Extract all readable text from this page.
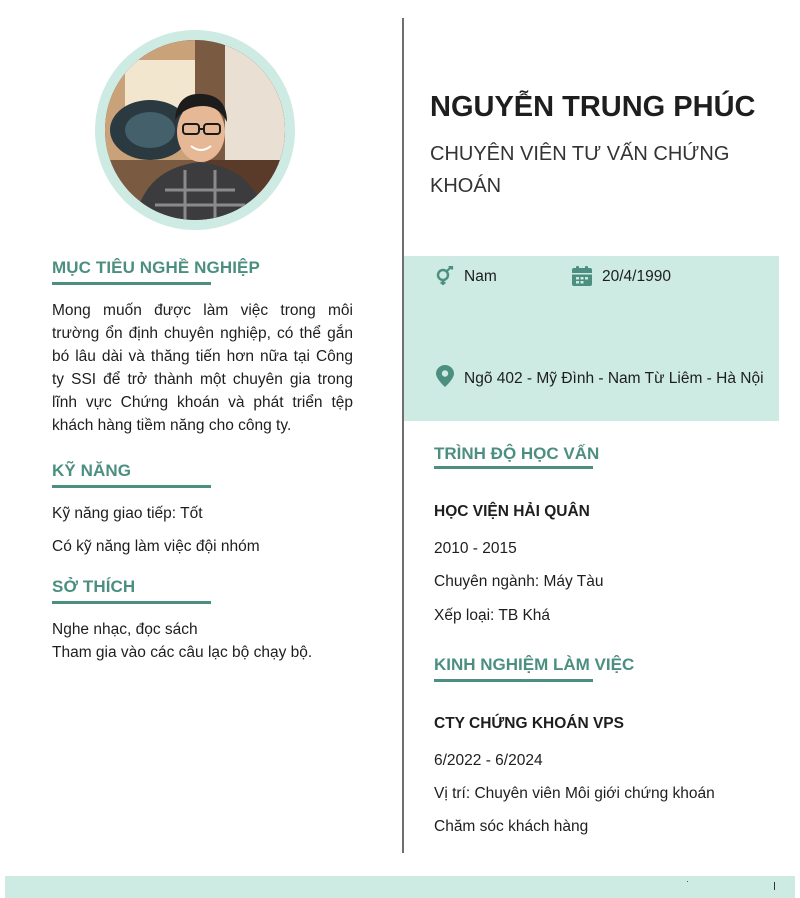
MỤC TIÊU NGHỀ NGHIỆP

Mong muốn được làm việc trong môi trường ổn định chuyên nghiệp, có thể gắn bó lâu dài và thăng tiến hơn nữa tại Công ty SSI để trở thành một chuyên gia trong lĩnh vực Chứng khoán và phát triển tệp khách hàng tiềm năng cho công ty.

KỸ NĂNG

Kỹ năng giao tiếp: Tốt

Có kỹ năng làm việc đội nhóm

SỞ THÍCH

Nghe nhạc, đọc sách

Tham gia vào các câu lạc bộ chạy bộ.

NGUYỄN TRUNG PHÚC
CHUYÊN VIÊN TƯ VẤN CHỨNG KHOÁN
Nam	20/4/1990
Ngõ 402 - Mỹ Đình - Nam Từ Liêm - Hà Nội
TRÌNH ĐỘ HỌC VẤN

HỌC VIỆN HẢI QUÂN

2010 - 2015

Chuyên ngành: Máy Tàu

Xếp loại: TB Khá

KINH NGHIỆM LÀM VIỆC

CTY CHỨNG KHOÁN VPS

6/2022 - 6/2024

Vị trí: Chuyên viên Môi giới chứng khoán

Chăm sóc khách hàng
